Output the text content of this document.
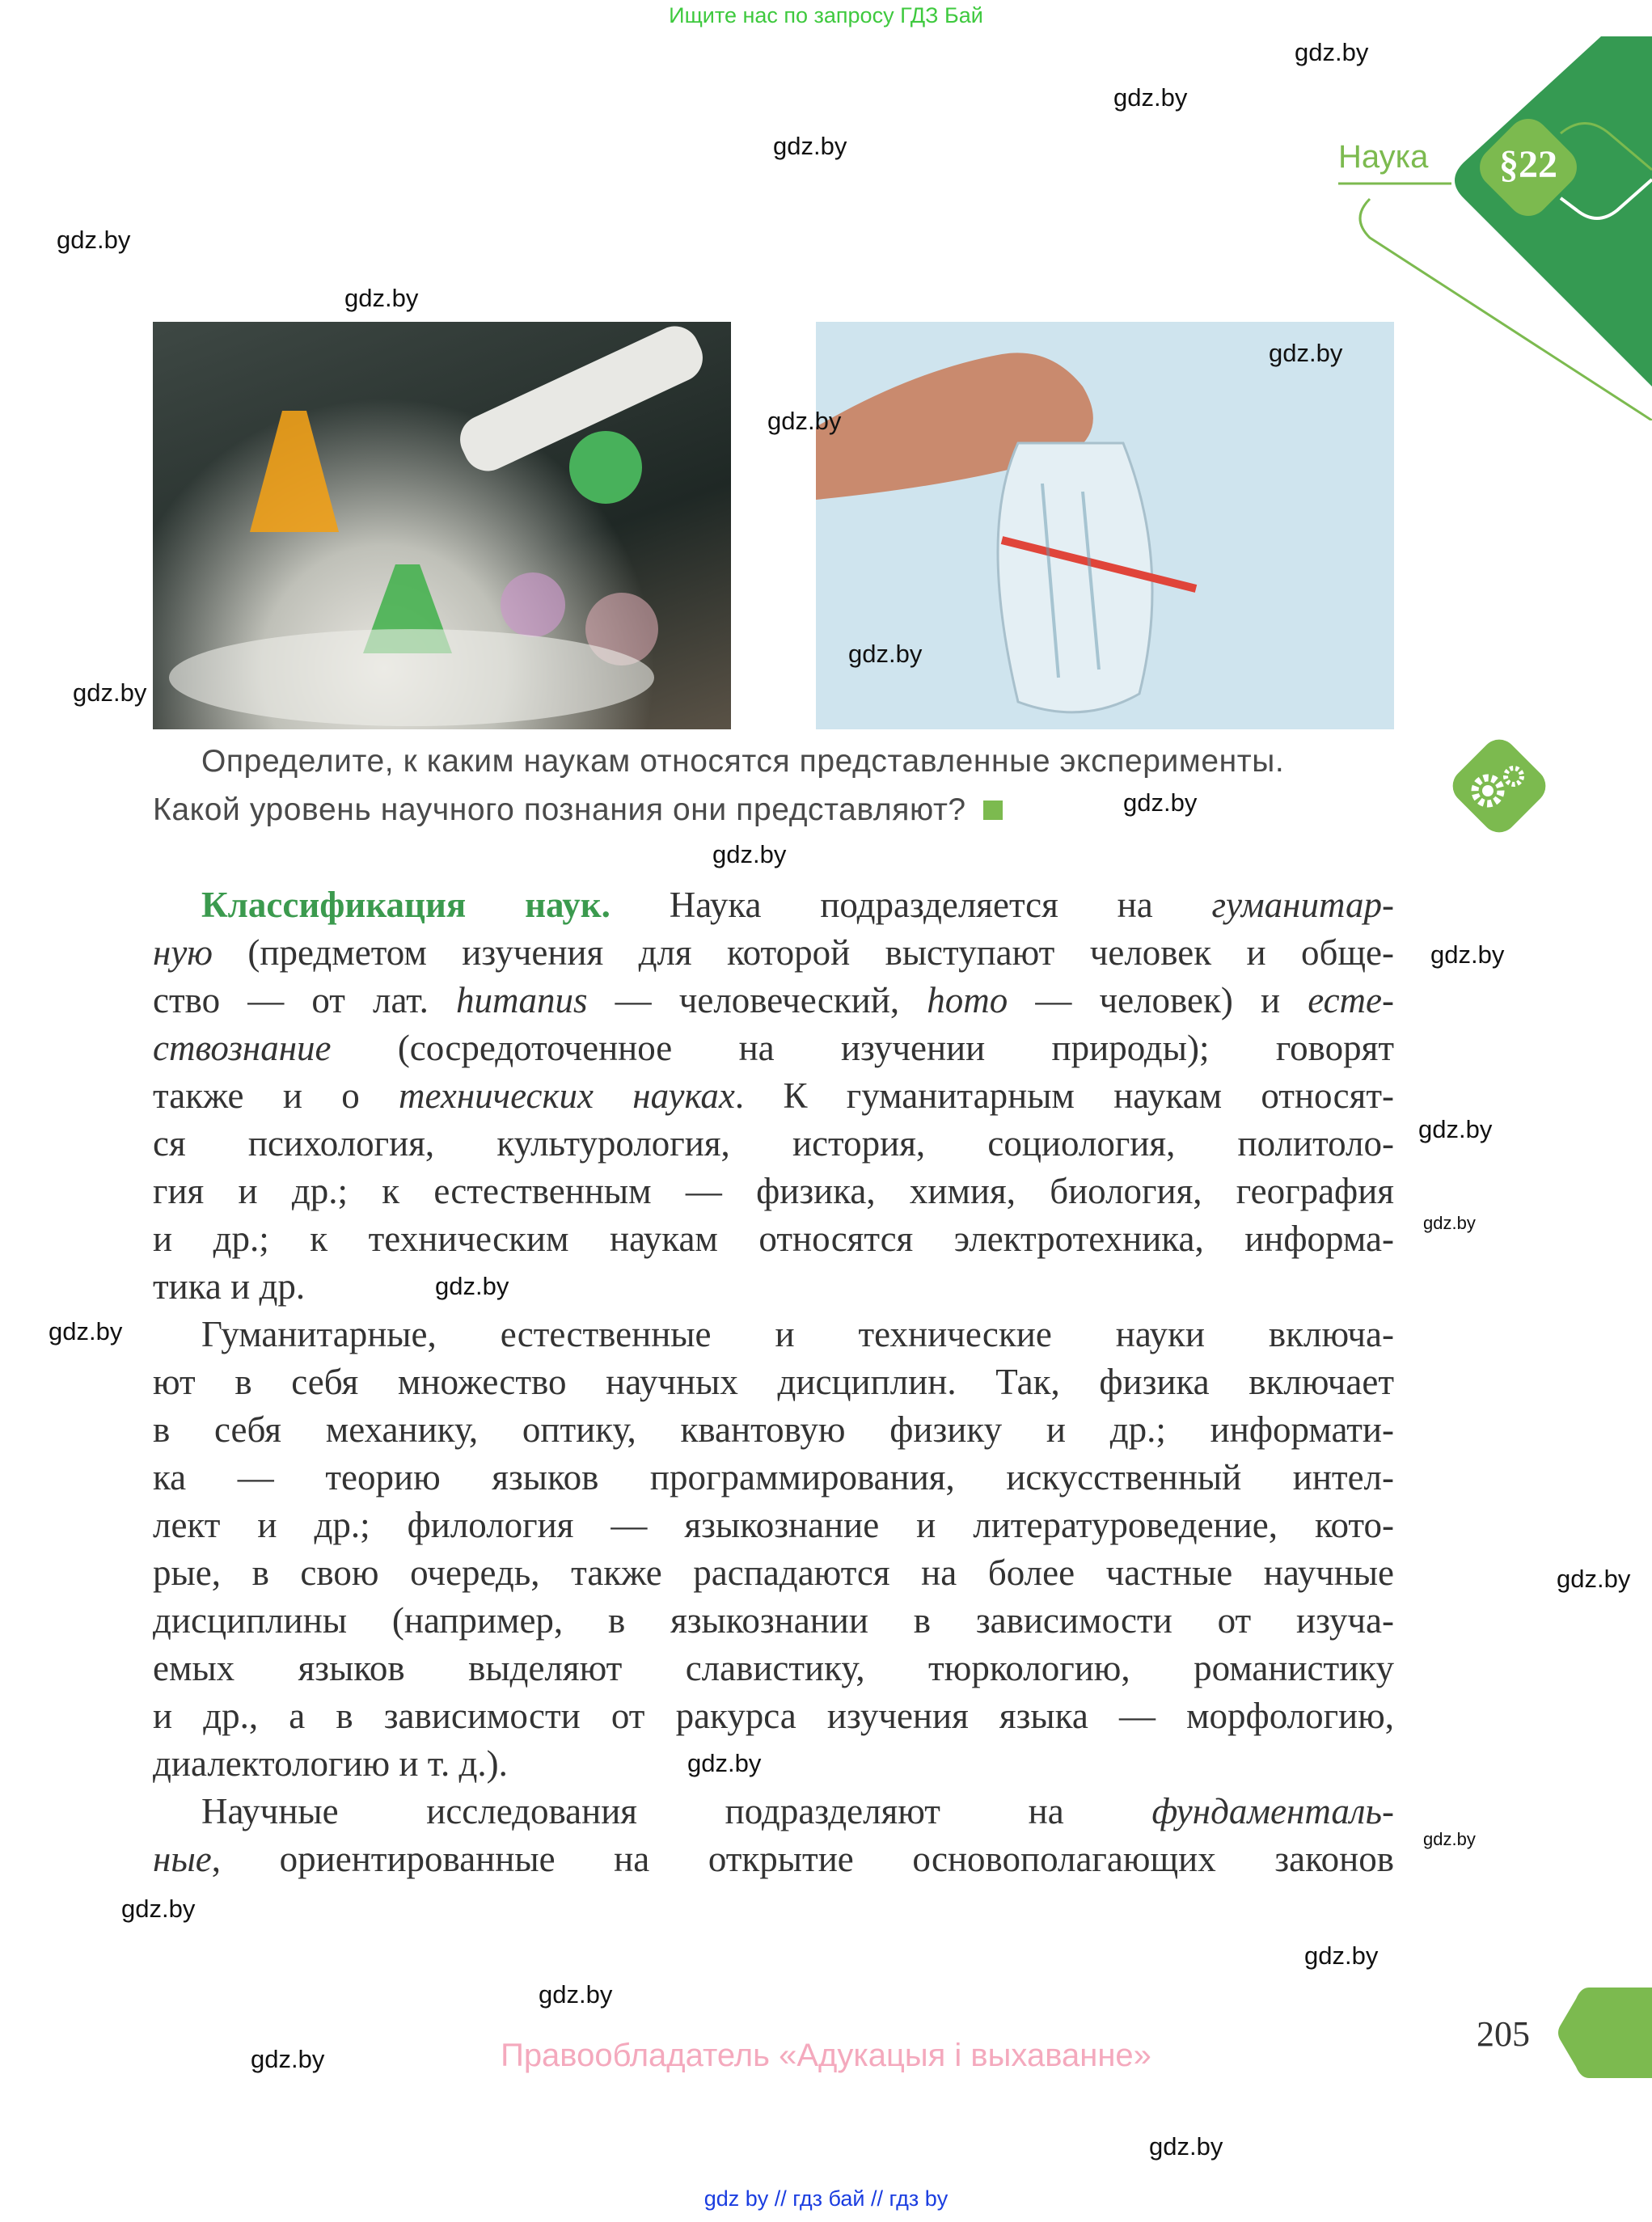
Ищите нас по запросу ГДЗ Бай
Наука §22
Определите, к каким наукам относятся представленные эксперименты.
Какой уровень научного познания они представляют?
Классификация наук. Наука подразделяется на гуманитар-
ную (предметом изучения для которой выступают человек и обще-
ство — от лат. humanus — человеческий, homo — человек) и есте-
ствознание (сосредоточенное на изучении природы); говорят
также и о технических науках. К гуманитарным наукам относят-
ся психология, культурология, история, социология, политоло-
гия и др.; к естественным — физика, химия, биология, география
и др.; к техническим наукам относятся электротехника, информа-
тика и др.
Гуманитарные, естественные и технические науки включа-
ют в себя множество научных дисциплин. Так, физика включает
в себя механику, оптику, квантовую физику и др.; информати-
ка — теорию языков программирования, искусственный интел-
лект и др.; филология — языкознание и литературоведение, кото-
рые, в свою очередь, также распадаются на более частные научные
дисциплины (например, в языкознании в зависимости от изуча-
емых языков выделяют славистику, тюркологию, романистику
и др., а в зависимости от ракурса изучения языка — морфологию,
диалектологию и т. д.).
Научные исследования подразделяют на фундаменталь-
ные, ориентированные на открытие основополагающих законов
gdz.by
gdz.by
gdz.by
gdz.by
gdz.by
gdz.by
gdz.by
gdz.by
gdz.by
gdz.by
gdz.by
gdz.by
gdz.by
gdz.by
gdz.by
gdz.by
gdz.by
gdz.by
gdz.by
gdz.by
gdz.by
gdz.by
gdz.by
gdz.by
Правообладатель «Адукацыя і выхаванне»
205
gdz by // гдз бай // гдз by
